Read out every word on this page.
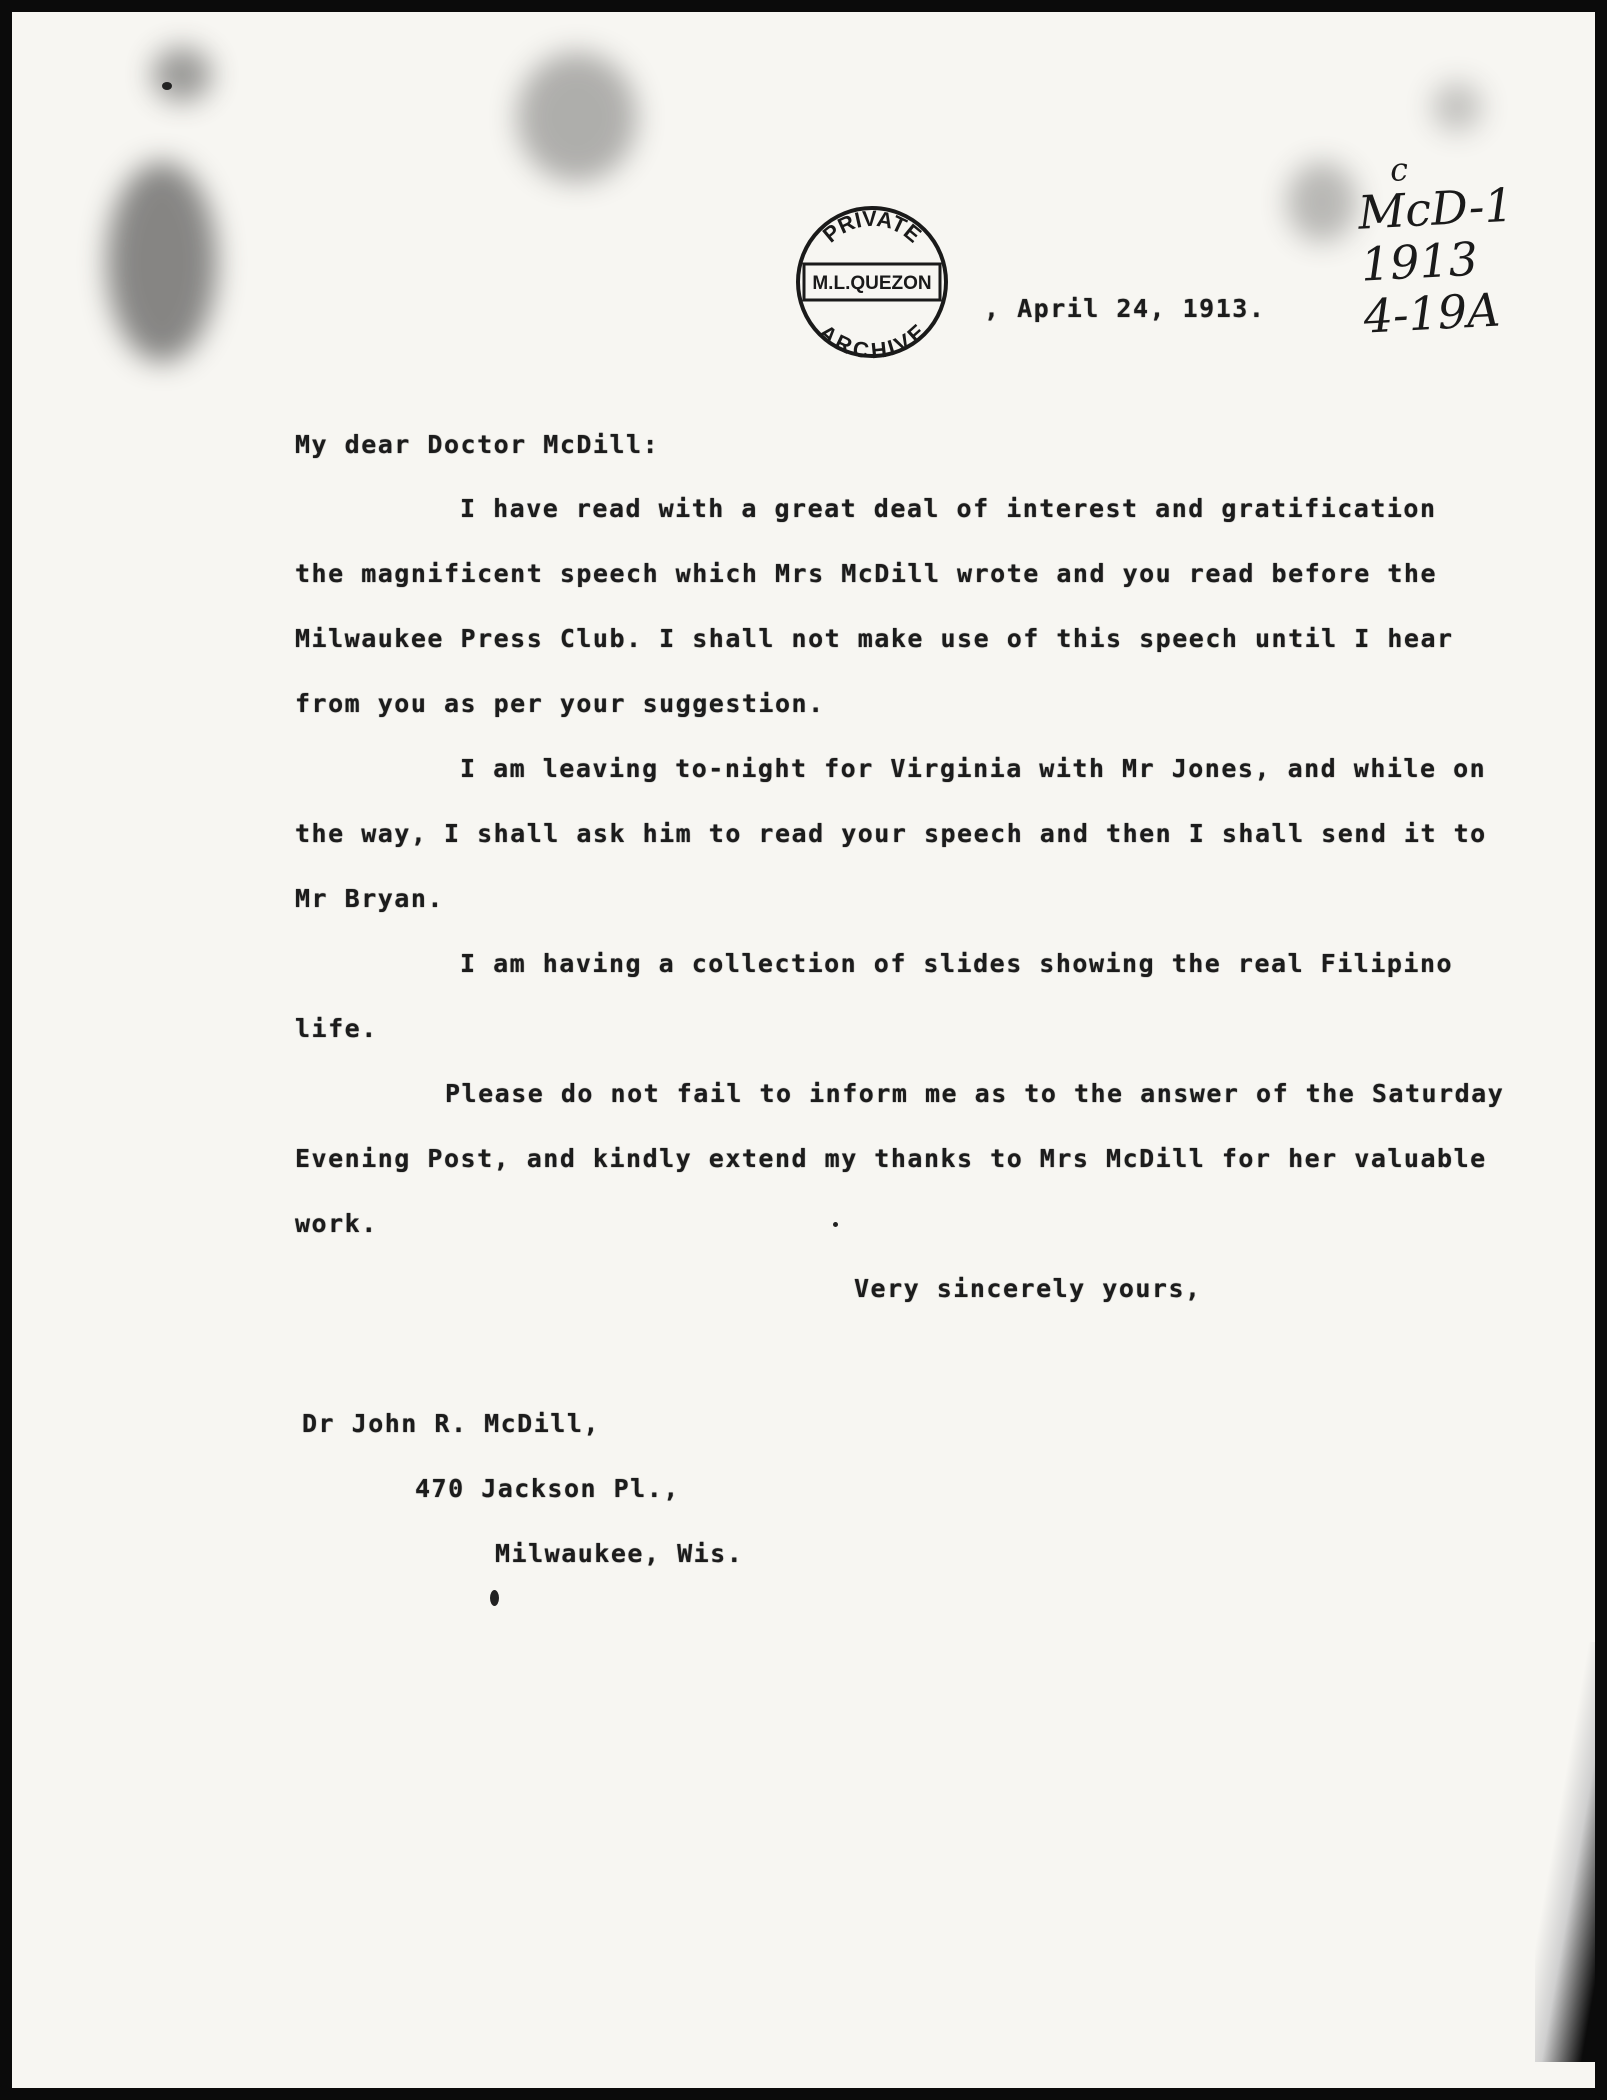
PRIVATE
M.L.QUEZON
ARCHIVE
c
McD-1
1913
4-19A
, April 24, 1913.
My dear Doctor McDill:
I have read with a great deal of interest and gratification
the magnificent speech which Mrs McDill wrote and you read before the
Milwaukee Press Club. I shall not make use of this speech until I hear
from you as per your suggestion.
I am leaving to-night for Virginia with Mr Jones, and while on
the way, I shall ask him to read your speech and then I shall send it to
Mr Bryan.
I am having a collection of slides showing the real Filipino
life.
Please do not fail to inform me as to the answer of the Saturday
Evening Post, and kindly extend my thanks to Mrs McDill for her valuable
work.
Very sincerely yours,
Dr John R. McDill,
470 Jackson Pl.,
Milwaukee, Wis.
